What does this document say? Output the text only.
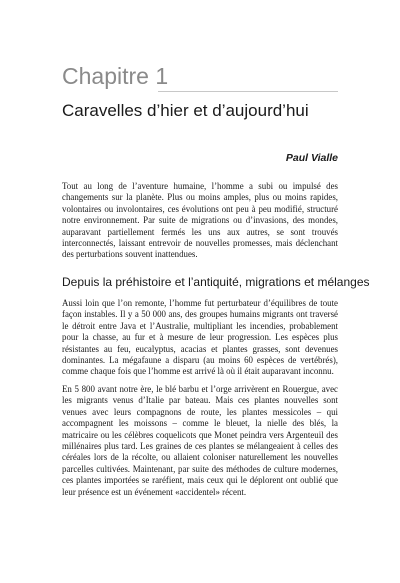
Chapitre 1
Caravelles d’hier et d’aujourd’hui
Paul Vialle

Tout au long de l’aventure humaine, l’homme a subi ou impulsé des changements sur la planète. Plus ou moins amples, plus ou moins rapides, volontaires ou involontaires, ces évolutions ont peu à peu modifié, structuré notre environnement. Par suite de migrations ou d’invasions, des mondes, auparavant partiellement fermés les uns aux autres, se sont trouvés interconnectés, laissant entrevoir de nouvelles promesses, mais déclenchant des perturbations souvent inattendues.

Depuis la préhistoire et l’antiquité, migrations et mélanges

Aussi loin que l’on remonte, l’homme fut perturbateur d’équilibres de toute façon instables. Il y a 50 000 ans, des groupes humains migrants ont traversé le détroit entre Java et l’Australie, multipliant les incendies, probablement pour la chasse, au fur et à mesure de leur progression. Les espèces plus résistantes au feu, eucalyptus, acacias et plantes grasses, sont devenues dominantes. La mégafaune a disparu (au moins 60 espèces de vertébrés), comme chaque fois que l’homme est arrivé là où il était auparavant inconnu.

En 5 800 avant notre ère, le blé barbu et l’orge arrivèrent en Rouergue, avec les migrants venus d’Italie par bateau. Mais ces plantes nouvelles sont venues avec leurs compagnons de route, les plantes messicoles – qui accompagnent les moissons – comme le bleuet, la nielle des blés, la matricaire ou les célèbres coquelicots que Monet peindra vers Argenteuil des millénaires plus tard. Les graines de ces plantes se mélangeaient à celles des céréales lors de la récolte, ou allaient coloniser naturellement les nouvelles parcelles cultivées. Maintenant, par suite des méthodes de culture modernes, ces plantes importées se raréfient, mais ceux qui le déplorent ont oublié que leur présence est un événement «accidentel» récent.
